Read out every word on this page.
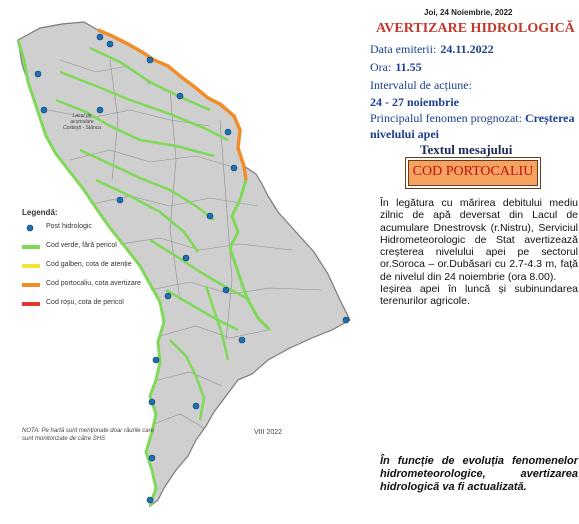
Lacul de acumulare Costești - Stânca
Legendă:
Post hidrologic
Cod verde, fără pericol
Cod galben, cota de atenție
Cod portocaliu, cota avertizare
Cod roșu, cota de pericol
NOTA: Pe hartă sunt menționate doar râurile care sunt monitorizate de către SHS
VIII 2022
Joi, 24 Noiembrie, 2022
AVERTIZARE HIDROLOGICĂ
Data emiterii: 24.11.2022
Ora: 11.55
Intervalul de acțiune:
24 - 27 noiembrie
Principalul fenomen prognozat: Creșterea nivelului apei
Textul mesajului
COD PORTOCALIU
În legătura cu mărirea debitului mediu zilnic de apă deversat din Lacul de acumulare Dnestrovsk (r.Nistru), Serviciul Hidrometeorologic de Stat avertizează creșterea nivelului apei pe sectorul or.Soroca – or.Dubăsari cu 2.7-4.3 m, față de nivelul din 24 noiembrie (ora 8.00).
Ieșirea apei în luncă și subinundarea terenurilor agricole.
În funcție de evoluția fenomenelor hidrometeorologice, avertizarea hidrologică va fi actualizată.
